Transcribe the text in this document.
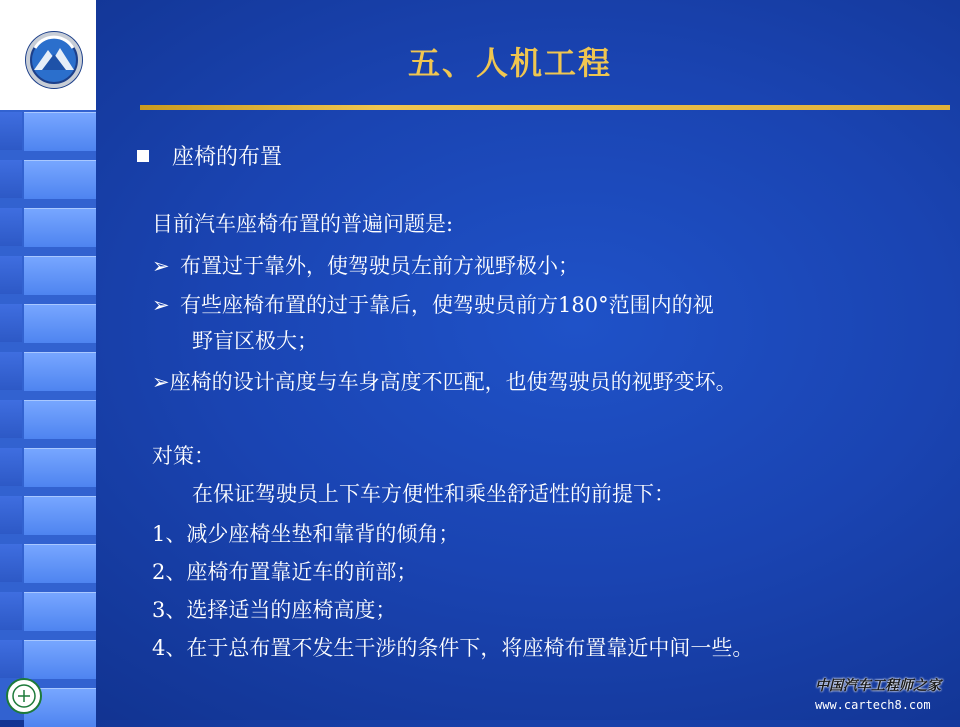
五、人机工程
座椅的布置
目前汽车座椅布置的普遍问题是:
➢ 布置过于靠外，使驾驶员左前方视野极小；
➢ 有些座椅布置的过于靠后，使驾驶员前方180°范围内的视
野盲区极大；
➢座椅的设计高度与车身高度不匹配，也使驾驶员的视野变坏。
对策：
在保证驾驶员上下车方便性和乘坐舒适性的前提下：
1、减少座椅坐垫和靠背的倾角；
2、座椅布置靠近车的前部；
3、选择适当的座椅高度；
4、在于总布置不发生干涉的条件下，将座椅布置靠近中间一些。
中国汽车工程师之家
www.cartech8.com
